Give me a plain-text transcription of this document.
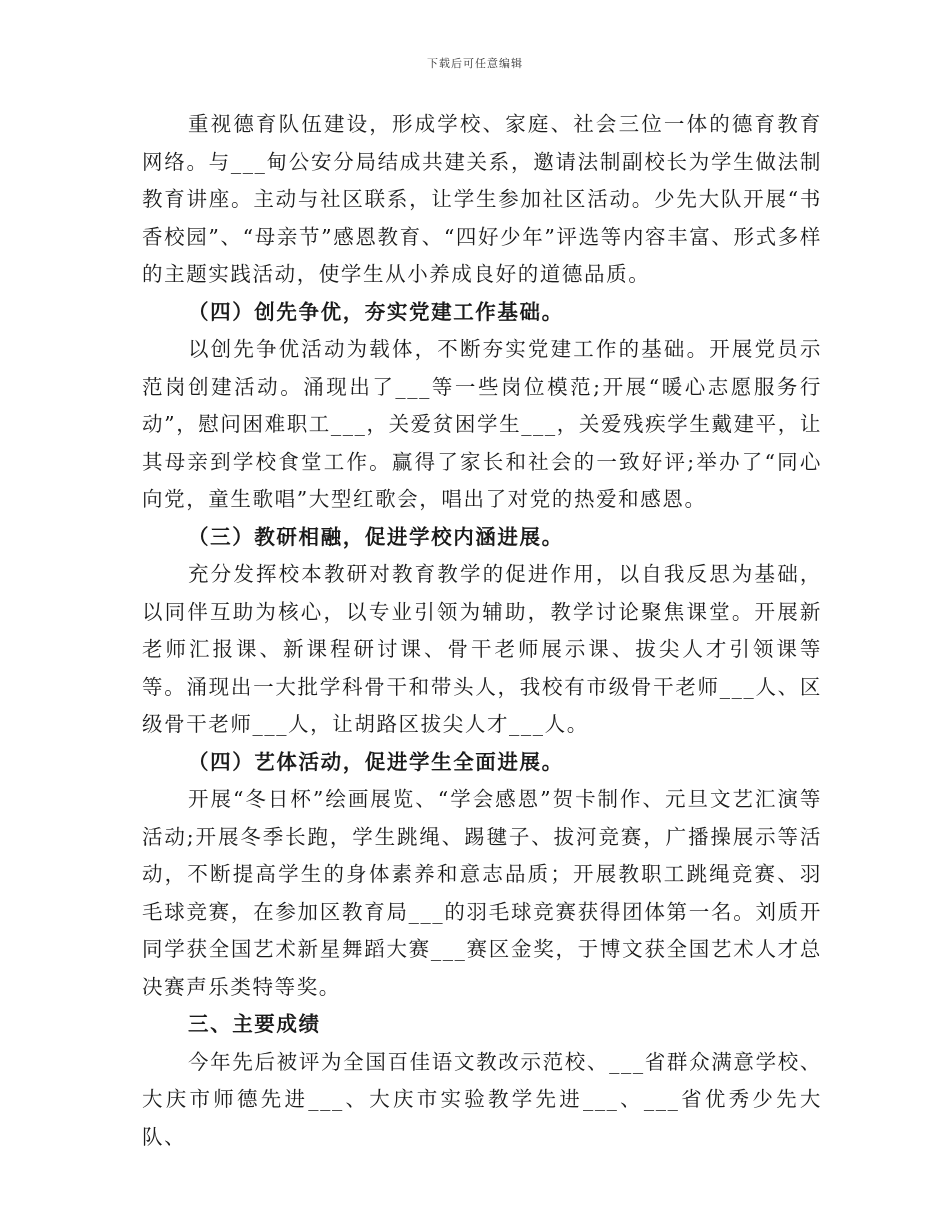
下载后可任意编辑

重视德育队伍建设，形成学校、家庭、社会三位一体的德育教育网络。与___甸公安分局结成共建关系，邀请法制副校长为学生做法制教育讲座。主动与社区联系，让学生参加社区活动。少先大队开展“书香校园”、“母亲节”感恩教育、“四好少年”评选等内容丰富、形式多样的主题实践活动，使学生从小养成良好的道德品质。

（四）创先争优，夯实党建工作基础。

以创先争优活动为载体，不断夯实党建工作的基础。开展党员示范岗创建活动。涌现出了___等一些岗位模范;开展“暖心志愿服务行动”，慰问困难职工___，关爱贫困学生___，关爱残疾学生戴建平，让其母亲到学校食堂工作。赢得了家长和社会的一致好评;举办了“同心向党，童生歌唱”大型红歌会，唱出了对党的热爱和感恩。

（三）教研相融，促进学校内涵进展。

充分发挥校本教研对教育教学的促进作用，以自我反思为基础，以同伴互助为核心，以专业引领为辅助，教学讨论聚焦课堂。开展新老师汇报课、新课程研讨课、骨干老师展示课、拔尖人才引领课等等。涌现出一大批学科骨干和带头人，我校有市级骨干老师___人、区级骨干老师___人，让胡路区拔尖人才___人。

（四）艺体活动，促进学生全面进展。

开展“冬日杯”绘画展览、“学会感恩”贺卡制作、元旦文艺汇演等活动;开展冬季长跑，学生跳绳、踢毽子、拔河竞赛，广播操展示等活动，不断提高学生的身体素养和意志品质；开展教职工跳绳竞赛、羽毛球竞赛，在参加区教育局___的羽毛球竞赛获得团体第一名。刘质开同学获全国艺术新星舞蹈大赛___赛区金奖，于博文获全国艺术人才总决赛声乐类特等奖。

三、主要成绩

今年先后被评为全国百佳语文教改示范校、___省群众满意学校、大庆市师德先进___、大庆市实验教学先进___、___省优秀少先大队、
